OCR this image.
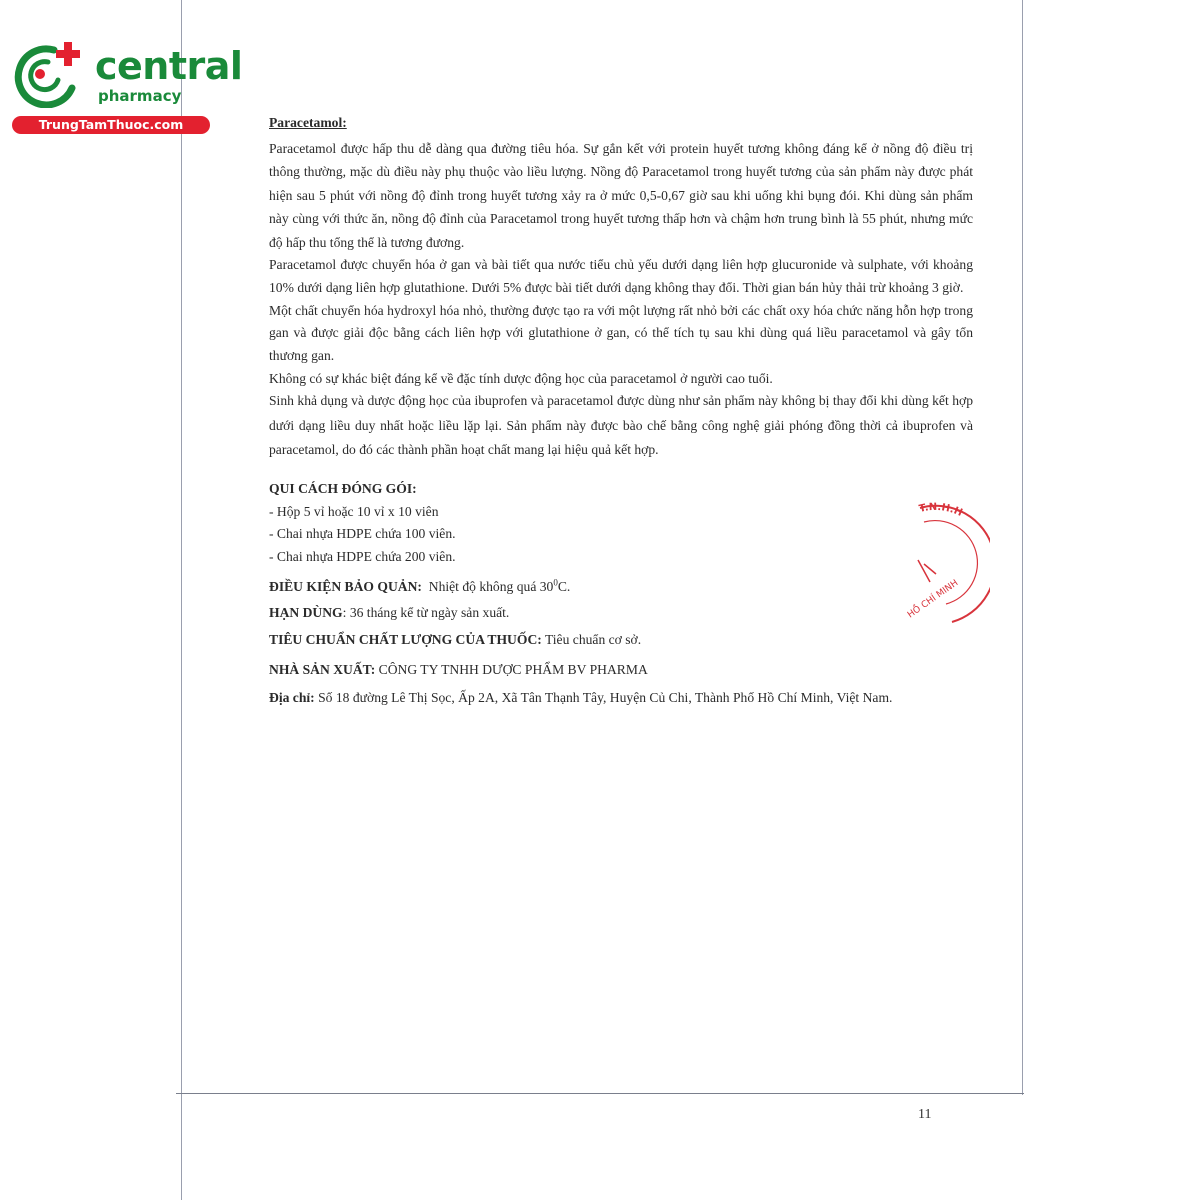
central
pharmacy
TrungTamThuoc.com	Paracetamol:

Paracetamol được hấp thu dễ dàng qua đường tiêu hóa. Sự gắn kết với protein huyết tương không đáng kể ở nồng độ điều trị thông thường, mặc dù điều này phụ thuộc vào liều lượng. Nồng độ Paracetamol trong huyết tương của sản phẩm này được phát hiện sau 5 phút với nồng độ đỉnh trong huyết tương xảy ra ở mức 0,5-0,67 giờ sau khi uống khi bụng đói. Khi dùng sản phẩm này cùng với thức ăn, nồng độ đỉnh của Paracetamol trong huyết tương thấp hơn và chậm hơn trung bình là 55 phút, nhưng mức độ hấp thu tổng thể là tương đương.

Paracetamol được chuyển hóa ở gan và bài tiết qua nước tiểu chủ yếu dưới dạng liên hợp glucuronide và sulphate, với khoảng 10% dưới dạng liên hợp glutathione. Dưới 5% được bài tiết dưới dạng không thay đổi. Thời gian bán hủy thải trừ khoảng 3 giờ.

Một chất chuyển hóa hydroxyl hóa nhỏ, thường được tạo ra với một lượng rất nhỏ bởi các chất oxy hóa chức năng hỗn hợp trong gan và được giải độc bằng cách liên hợp với glutathione ở gan, có thể tích tụ sau khi dùng quá liều paracetamol và gây tổn thương gan.

Không có sự khác biệt đáng kể về đặc tính dược động học của paracetamol ở người cao tuổi.

Sinh khả dụng và dược động học của ibuprofen và paracetamol được dùng như sản phẩm này không bị thay đổi khi dùng kết hợp dưới dạng liều duy nhất hoặc liều lặp lại. Sản phẩm này được bào chế bằng công nghệ giải phóng đồng thời cả ibuprofen và paracetamol, do đó các thành phần hoạt chất mang lại hiệu quả kết hợp.

QUI CÁCH ĐÓNG GÓI:
- Hộp 5 vỉ hoặc 10 vỉ x 10 viên
- Chai nhựa HDPE chứa 100 viên.
- Chai nhựa HDPE chứa 200 viên.
ĐIỀU KIỆN BẢO QUẢN: Nhiệt độ không quá $30^0C$.
HẠN DÙNG: 36 tháng kể từ ngày sản xuất.
TIÊU CHUẨN CHẤT LƯỢNG CỦA THUỐC: Tiêu chuẩn cơ sở.
NHÀ SẢN XUẤT: CÔNG TY TNHH DƯỢC PHẨM BV PHARMA
Địa chỉ: Số 18 đường Lê Thị Sọc, Ấp 2A, Xã Tân Thạnh Tây, Huyện Củ Chi, Thành Phố Hồ Chí Minh, Việt Nam.
T.N.H.H
HỒ CHÍ MINH
11
